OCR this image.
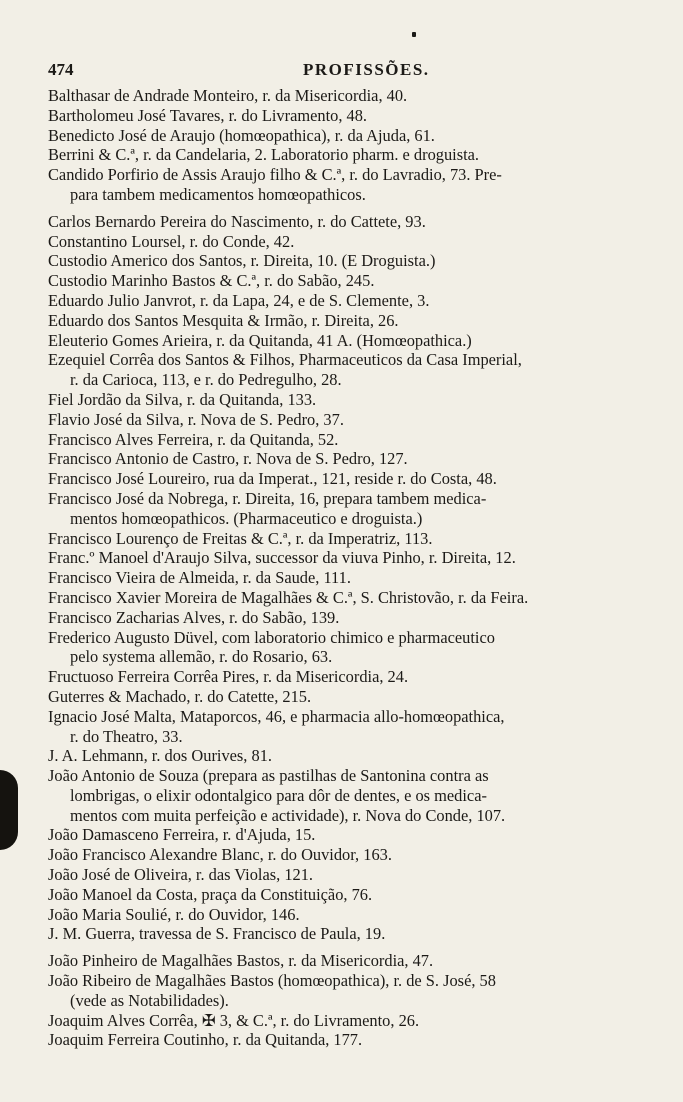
474	PROFISSÕES.
Balthasar de Andrade Monteiro, r. da Misericordia, 40.
Bartholomeu José Tavares, r. do Livramento, 48.
Benedicto José de Araujo (homœopathica), r. da Ajuda, 61.
Berrini & C.ª, r. da Candelaria, 2. Laboratorio pharm. e droguista.
Candido Porfirio de Assis Araujo filho & C.ª, r. do Lavradio, 73. Pre-
para tambem medicamentos homœopathicos.
Carlos Bernardo Pereira do Nascimento, r. do Cattete, 93.
Constantino Loursel, r. do Conde, 42.
Custodio Americo dos Santos, r. Direita, 10. (E Droguista.)
Custodio Marinho Bastos & C.ª, r. do Sabão, 245.
Eduardo Julio Janvrot, r. da Lapa, 24, e de S. Clemente, 3.
Eduardo dos Santos Mesquita & Irmão, r. Direita, 26.
Eleuterio Gomes Arieira, r. da Quitanda, 41 A. (Homœopathica.)
Ezequiel Corrêa dos Santos & Filhos, Pharmaceuticos da Casa Imperial,
r. da Carioca, 113, e r. do Pedregulho, 28.
Fiel Jordão da Silva, r. da Quitanda, 133.
Flavio José da Silva, r. Nova de S. Pedro, 37.
Francisco Alves Ferreira, r. da Quitanda, 52.
Francisco Antonio de Castro, r. Nova de S. Pedro, 127.
Francisco José Loureiro, rua da Imperat., 121, reside r. do Costa, 48.
Francisco José da Nobrega, r. Direita, 16, prepara tambem medica-
mentos homœopathicos. (Pharmaceutico e droguista.)
Francisco Lourenço de Freitas & C.ª, r. da Imperatriz, 113.
Franc.º Manoel d'Araujo Silva, successor da viuva Pinho, r. Direita, 12.
Francisco Vieira de Almeida, r. da Saude, 111.
Francisco Xavier Moreira de Magalhães & C.ª, S. Christovão, r. da Feira.
Francisco Zacharias Alves, r. do Sabão, 139.
Frederico Augusto Düvel, com laboratorio chimico e pharmaceutico
pelo systema allemão, r. do Rosario, 63.
Fructuoso Ferreira Corrêa Pires, r. da Misericordia, 24.
Guterres & Machado, r. do Catette, 215.
Ignacio José Malta, Mataporcos, 46, e pharmacia allo-homœopathica,
r. do Theatro, 33.
J. A. Lehmann, r. dos Ourives, 81.
João Antonio de Souza (prepara as pastilhas de Santonina contra as
lombrigas, o elixir odontalgico para dôr de dentes, e os medica-
mentos com muita perfeição e actividade), r. Nova do Conde, 107.
João Damasceno Ferreira, r. d'Ajuda, 15.
João Francisco Alexandre Blanc, r. do Ouvidor, 163.
João José de Oliveira, r. das Violas, 121.
João Manoel da Costa, praça da Constituição, 76.
João Maria Soulié, r. do Ouvidor, 146.
J. M. Guerra, travessa de S. Francisco de Paula, 19.
João Pinheiro de Magalhães Bastos, r. da Misericordia, 47.
João Ribeiro de Magalhães Bastos (homœopathica), r. de S. José, 58
(vede as Notabilidades).
Joaquim Alves Corrêa, ✠ 3, & C.ª, r. do Livramento, 26.
Joaquim Ferreira Coutinho, r. da Quitanda, 177.
